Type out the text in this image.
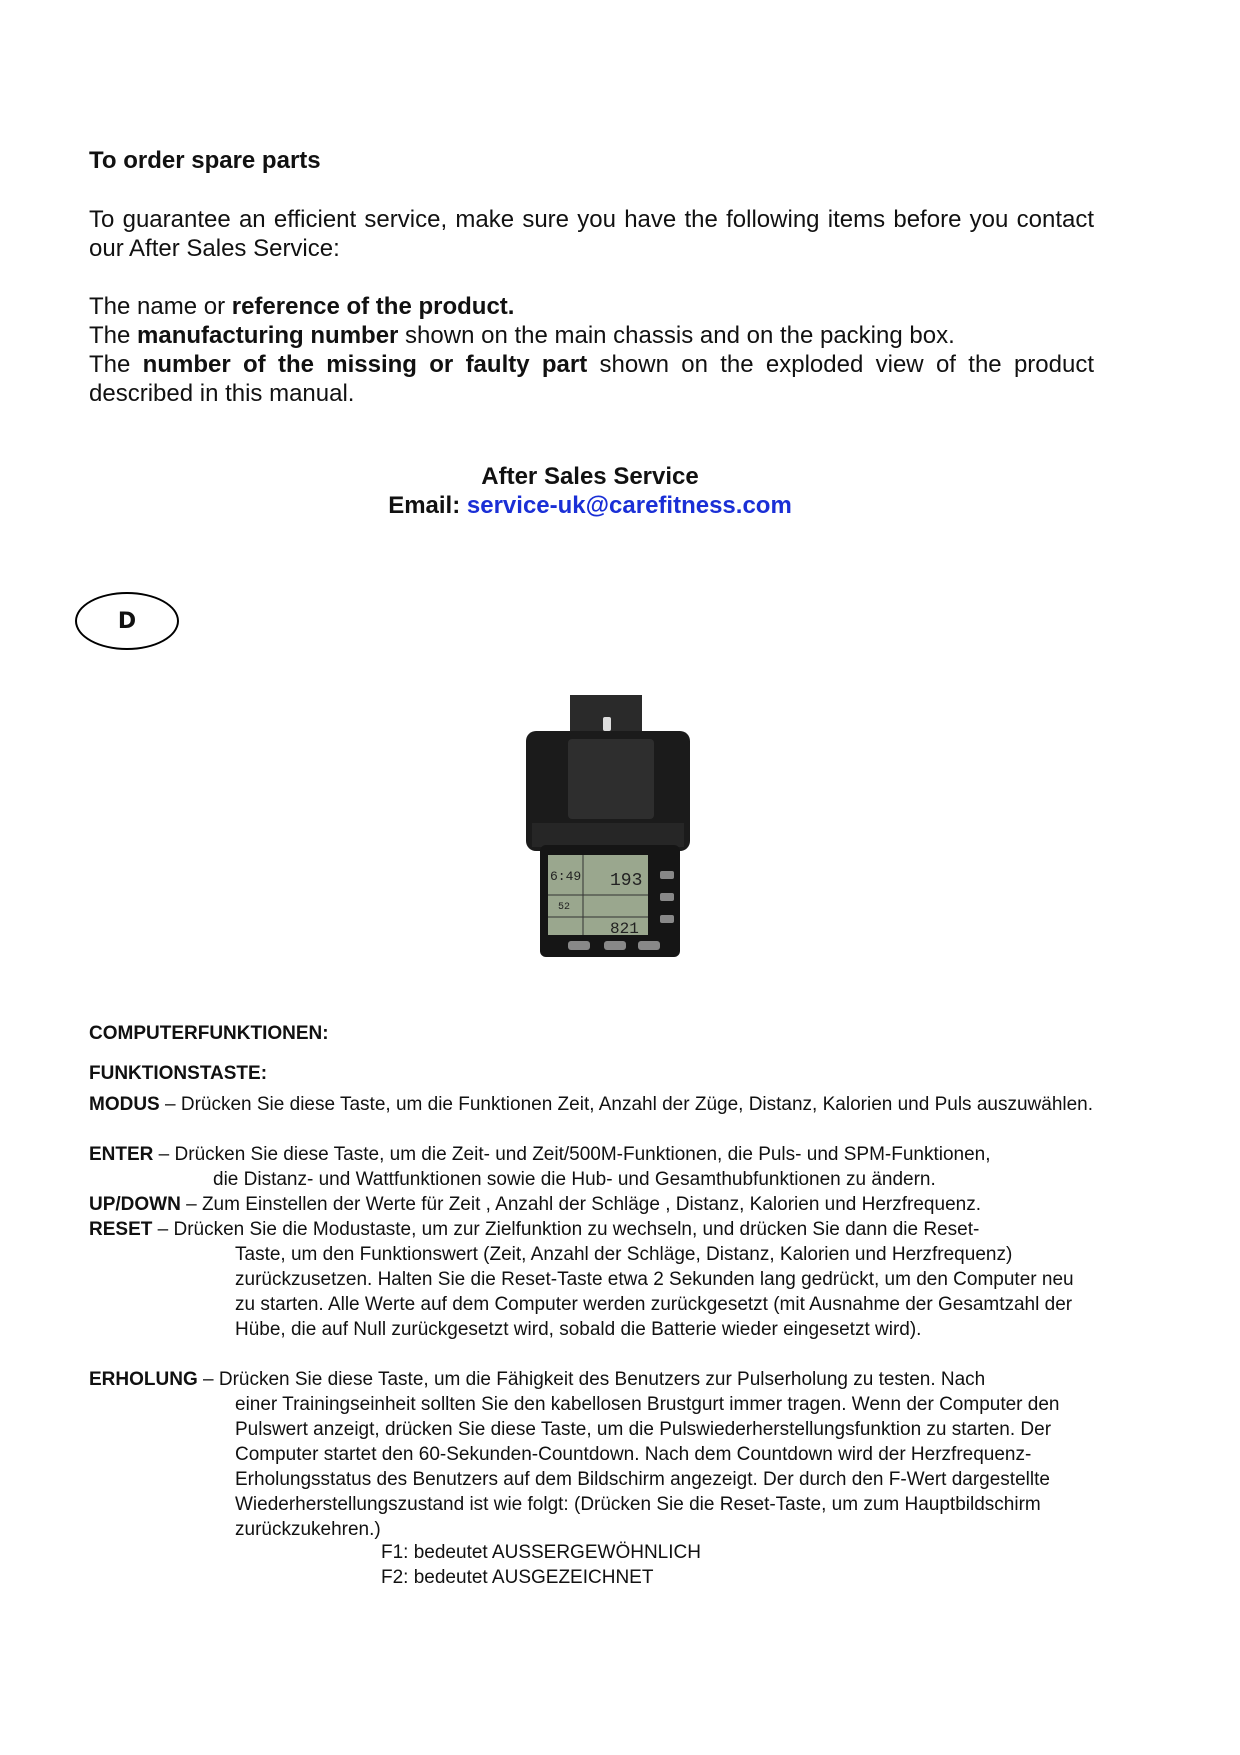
To order spare parts
To guarantee an efficient service, make sure you have the following items before you contact our After Sales Service:
The name or reference of the product.
The manufacturing number shown on the main chassis and on the packing box.
The number of the missing or faulty part shown on the exploded view of the product described in this manual.
After Sales Service
Email: service-uk@carefitness.com
D
6:49 193
52
821
COMPUTERFUNKTIONEN:
FUNKTIONSTASTE:
MODUS – Drücken Sie diese Taste, um die Funktionen Zeit, Anzahl der Züge, Distanz, Kalorien und Puls auszuwählen.
ENTER – Drücken Sie diese Taste, um die Zeit- und Zeit/500M-Funktionen, die Puls- und SPM-Funktionen,
die Distanz- und Wattfunktionen sowie die Hub- und Gesamthubfunktionen zu ändern.
UP/DOWN – Zum Einstellen der Werte für Zeit , Anzahl der Schläge , Distanz, Kalorien und Herzfrequenz.
RESET – Drücken Sie die Modustaste, um zur Zielfunktion zu wechseln, und drücken Sie dann die Reset-
Taste, um den Funktionswert (Zeit, Anzahl der Schläge, Distanz, Kalorien und Herzfrequenz) zurückzusetzen. Halten Sie die Reset-Taste etwa 2 Sekunden lang gedrückt, um den Computer neu zu starten. Alle Werte auf dem Computer werden zurückgesetzt (mit Ausnahme der Gesamtzahl der Hübe, die auf Null zurückgesetzt wird, sobald die Batterie wieder eingesetzt wird).
ERHOLUNG – Drücken Sie diese Taste, um die Fähigkeit des Benutzers zur Pulserholung zu testen. Nach
einer Trainingseinheit sollten Sie den kabellosen Brustgurt immer tragen. Wenn der Computer den Pulswert anzeigt, drücken Sie diese Taste, um die Pulswiederherstellungsfunktion zu starten. Der Computer startet den 60-Sekunden-Countdown. Nach dem Countdown wird der Herzfrequenz-Erholungsstatus des Benutzers auf dem Bildschirm angezeigt. Der durch den F-Wert dargestellte Wiederherstellungszustand ist wie folgt: (Drücken Sie die Reset-Taste, um zum Hauptbildschirm zurückzukehren.)
F1: bedeutet AUSSERGEWÖHNLICH
F2: bedeutet AUSGEZEICHNET
